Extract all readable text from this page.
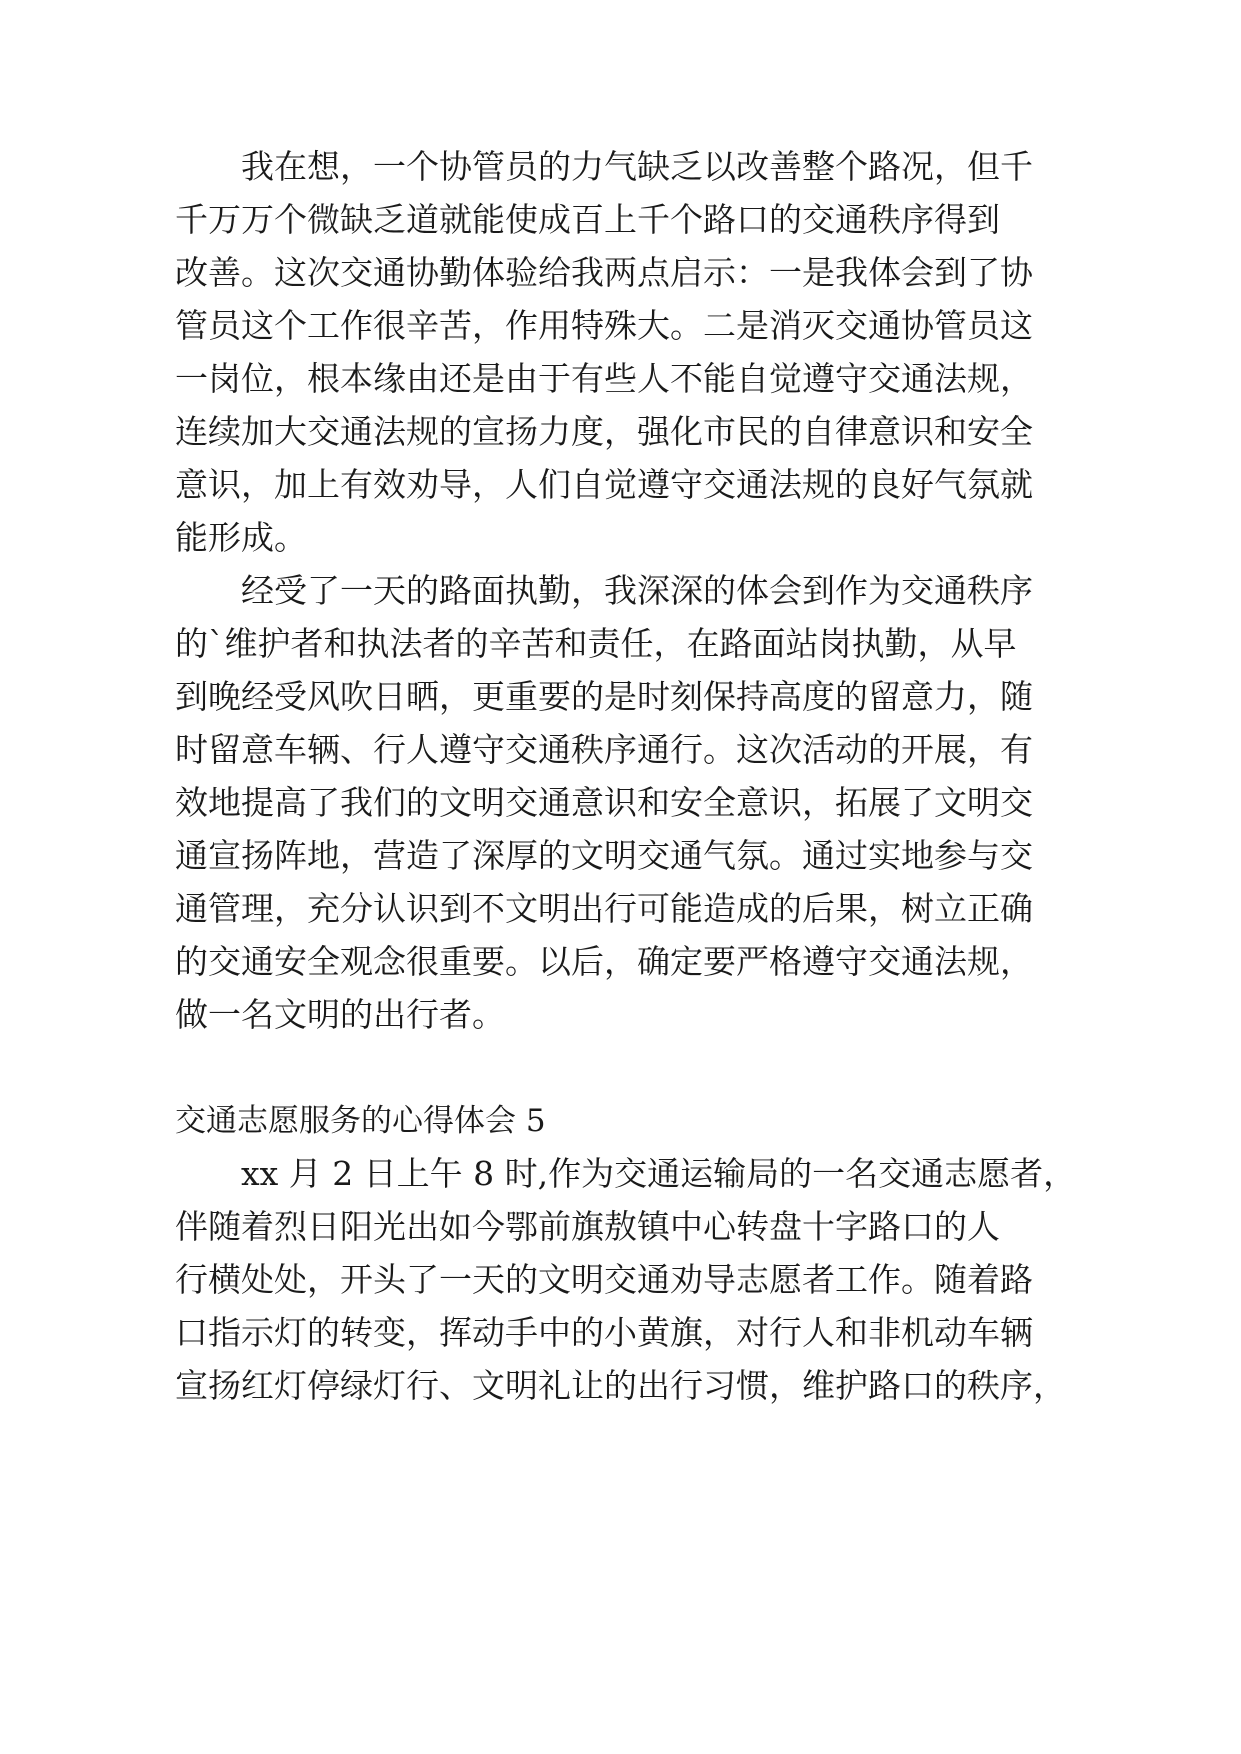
　　我在想，一个协管员的力气缺乏以改善整个路况，但千
千万万个微缺乏道就能使成百上千个路口的交通秩序得到
改善。这次交通协勤体验给我两点启示：一是我体会到了协
管员这个工作很辛苦，作用特殊大。二是消灭交通协管员这
一岗位，根本缘由还是由于有些人不能自觉遵守交通法规，
连续加大交通法规的宣扬力度，强化市民的自律意识和安全
意识，加上有效劝导，人们自觉遵守交通法规的良好气氛就
能形成。
　　经受了一天的路面执勤，我深深的体会到作为交通秩序
的`维护者和执法者的辛苦和责任，在路面站岗执勤，从早
到晚经受风吹日晒，更重要的是时刻保持高度的留意力，随
时留意车辆、行人遵守交通秩序通行。这次活动的开展，有
效地提高了我们的文明交通意识和安全意识，拓展了文明交
通宣扬阵地，营造了深厚的文明交通气氛。通过实地参与交
通管理，充分认识到不文明出行可能造成的后果，树立正确
的交通安全观念很重要。以后，确定要严格遵守交通法规，
做一名文明的出行者。
交通志愿服务的心得体会 5
　　xx 月 2 日上午 8 时,作为交通运输局的一名交通志愿者，
伴随着烈日阳光出如今鄂前旗敖镇中心转盘十字路口的人
行横处处，开头了一天的文明交通劝导志愿者工作。随着路
口指示灯的转变，挥动手中的小黄旗，对行人和非机动车辆
宣扬红灯停绿灯行、文明礼让的出行习惯，维护路口的秩序，
